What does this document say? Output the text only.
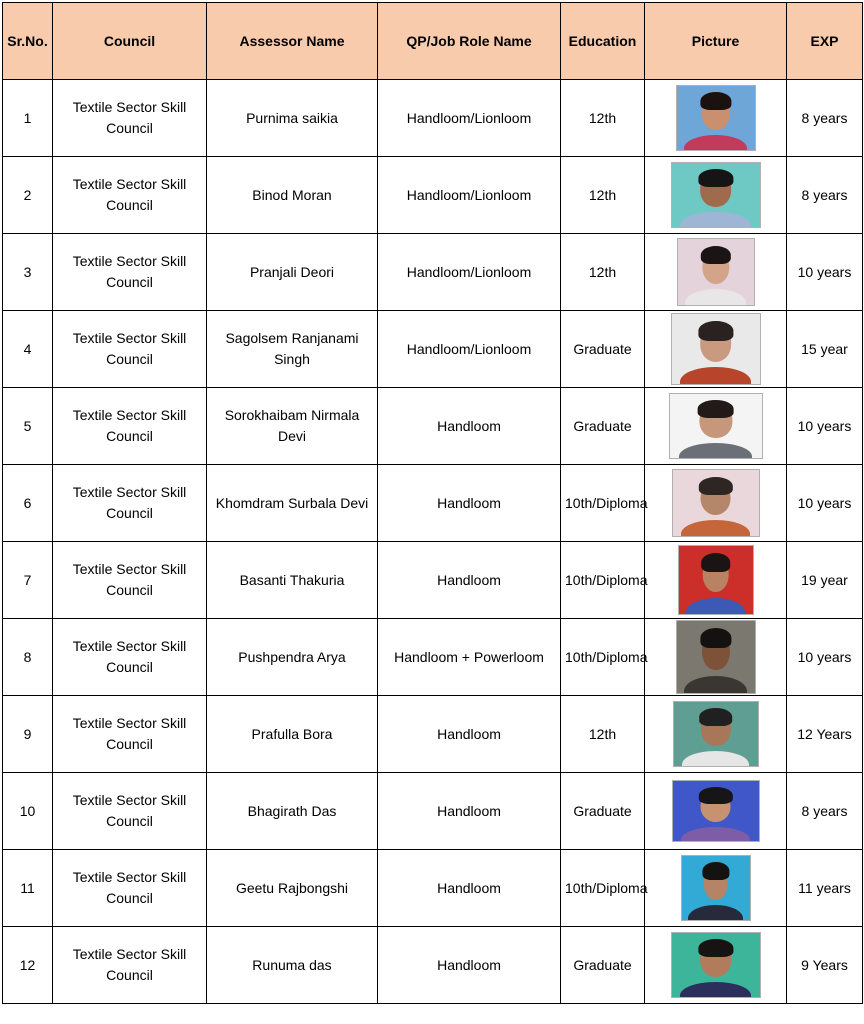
Sr.No.	Council	Assessor Name	QP/Job Role Name	Education	Picture	EXP
1	Textile Sector Skill Council	Purnima saikia	Handloom/Lionloom	12th		8 years
2	Textile Sector Skill Council	Binod Moran	Handloom/Lionloom	12th		8 years
3	Textile Sector Skill Council	Pranjali Deori	Handloom/Lionloom	12th		10 years
4	Textile Sector Skill Council	Sagolsem Ranjanami Singh	Handloom/Lionloom	Graduate		15 year
5	Textile Sector Skill Council	Sorokhaibam Nirmala Devi	Handloom	Graduate		10 years
6	Textile Sector Skill Council	Khomdram Surbala Devi	Handloom	10th/Diploma		10 years
7	Textile Sector Skill Council	Basanti Thakuria	Handloom	10th/Diploma		19 year
8	Textile Sector Skill Council	Pushpendra Arya	Handloom + Powerloom	10th/Diploma		10 years
9	Textile Sector Skill Council	Prafulla Bora	Handloom	12th		12 Years
10	Textile Sector Skill Council	Bhagirath Das	Handloom	Graduate		8 years
11	Textile Sector Skill Council	Geetu Rajbongshi	Handloom	10th/Diploma		11 years
12	Textile Sector Skill Council	Runuma das	Handloom	Graduate		9 Years
